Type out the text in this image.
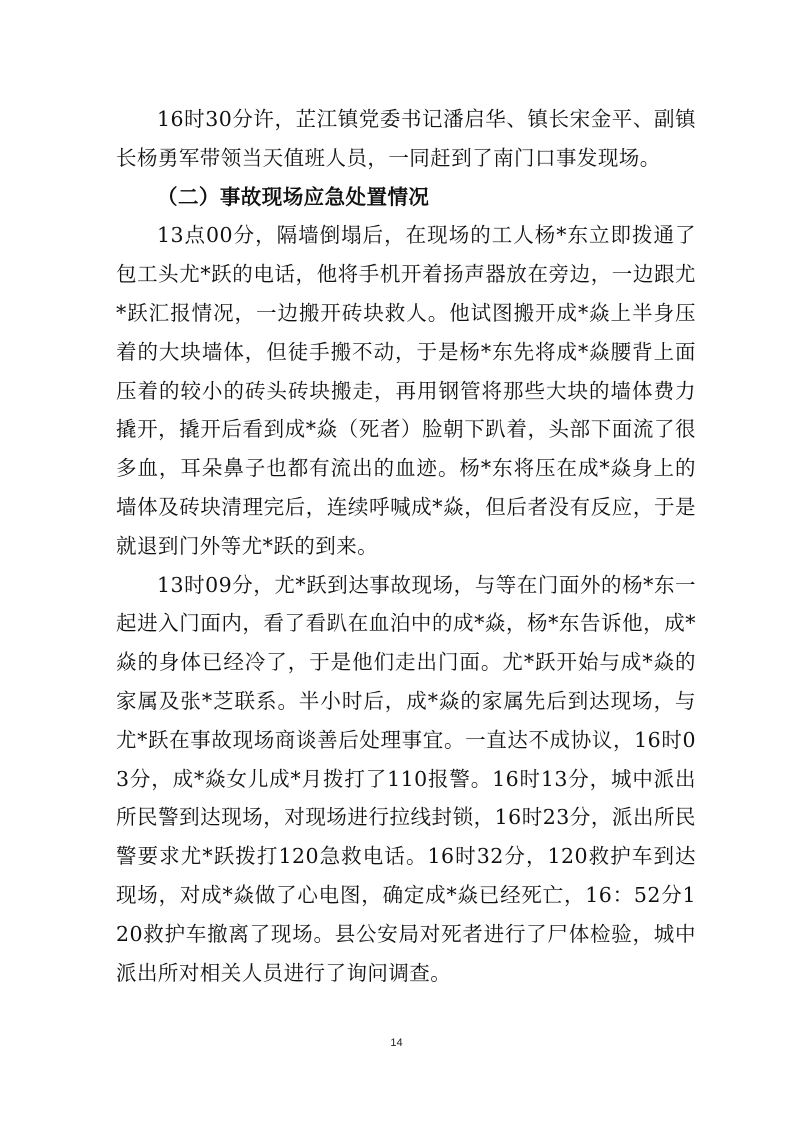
16时30分许，芷江镇党委书记潘启华、镇长宋金平、副镇长杨勇军带领当天值班人员，一同赶到了南门口事发现场。

（二）事故现场应急处置情况

13点00分，隔墙倒塌后，在现场的工人杨*东立即拨通了包工头尤*跃的电话，他将手机开着扬声器放在旁边，一边跟尤*跃汇报情况，一边搬开砖块救人。他试图搬开成*焱上半身压着的大块墙体，但徒手搬不动，于是杨*东先将成*焱腰背上面压着的较小的砖头砖块搬走，再用钢管将那些大块的墙体费力撬开，撬开后看到成*焱（死者）脸朝下趴着，头部下面流了很多血，耳朵鼻子也都有流出的血迹。杨*东将压在成*焱身上的墙体及砖块清理完后，连续呼喊成*焱，但后者没有反应，于是就退到门外等尤*跃的到来。

13时09分，尤*跃到达事故现场，与等在门面外的杨*东一起进入门面内，看了看趴在血泊中的成*焱，杨*东告诉他，成*焱的身体已经冷了，于是他们走出门面。尤*跃开始与成*焱的家属及张*芝联系。半小时后，成*焱的家属先后到达现场，与尤*跃在事故现场商谈善后处理事宜。一直达不成协议，16时03分，成*焱女儿成*月拨打了110报警。16时13分，城中派出所民警到达现场，对现场进行拉线封锁，16时23分，派出所民警要求尤*跃拨打120急救电话。16时32分，120救护车到达现场，对成*焱做了心电图，确定成*焱已经死亡，16：52分120救护车撤离了现场。县公安局对死者进行了尸体检验，城中派出所对相关人员进行了询问调查。

14
